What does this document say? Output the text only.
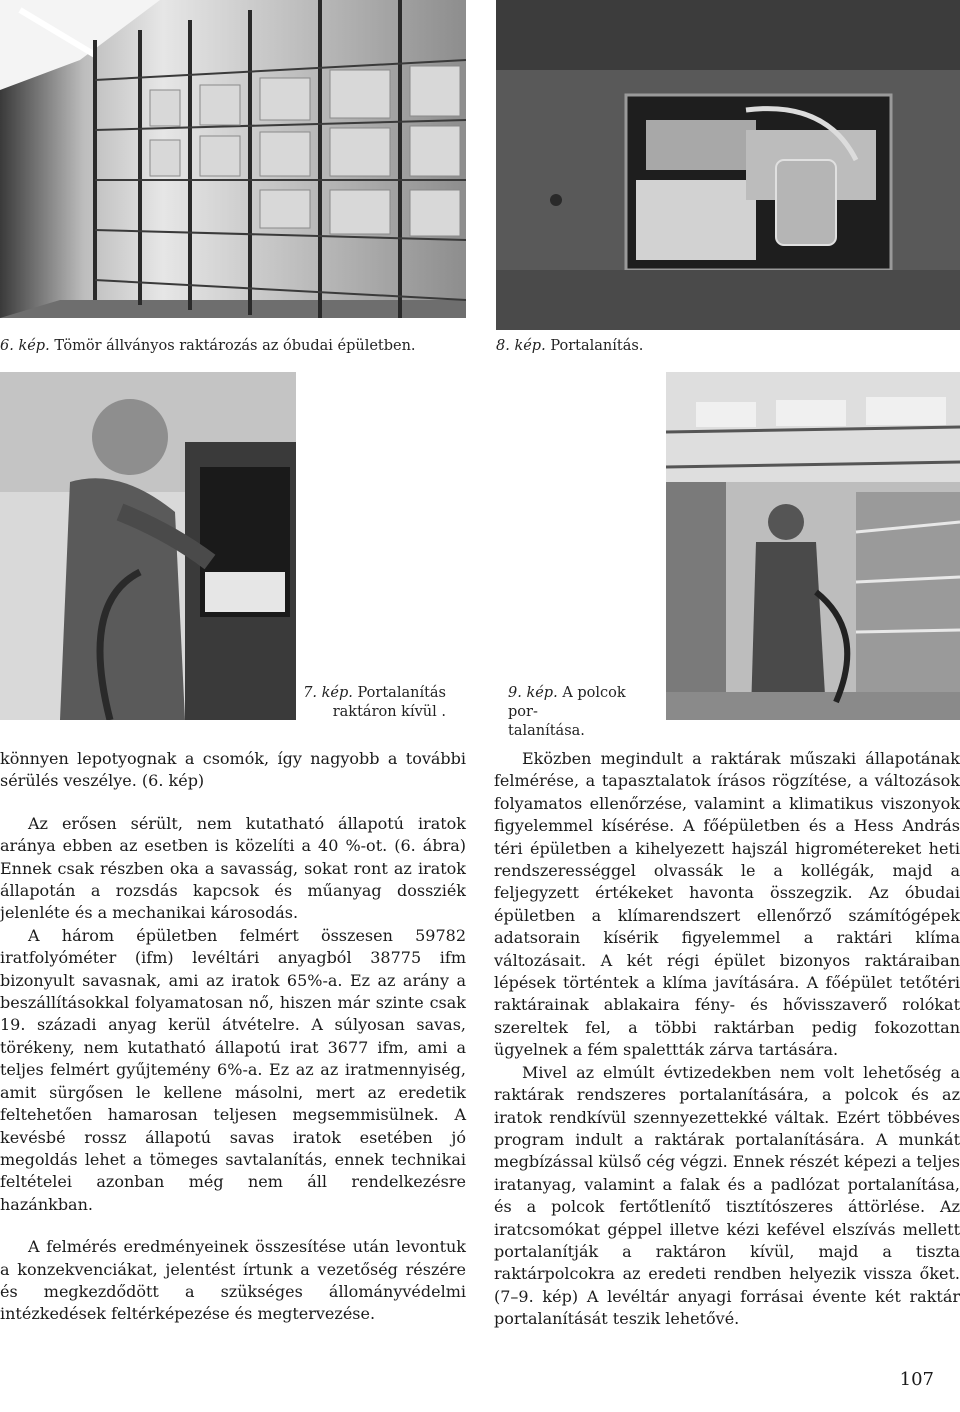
6. kép. Tömör állványos raktározás az óbudai épületben.	8. kép. Portalanítás.
7. kép. Portalanítás
raktáron kívül .
9. kép. A polcok por-
talanítása.

könnyen lepotyognak a csomók, így nagyobb a további sérülés veszélye. (6. kép)

Az erősen sérült, nem kutatható állapotú iratok aránya ebben az esetben is közelíti a 40 %-ot. (6. ábra) Ennek csak részben oka a savasság, sokat ront az iratok állapotán a rozsdás kapcsok és műanyag dossziék jelenléte és a mechanikai károsodás.

A három épületben felmért összesen 59782 iratfolyóméter (ifm) levéltári anyagból 38775 ifm bizonyult savasnak, ami az iratok 65%-a. Ez az arány a beszállításokkal folyamatosan nő, hiszen már szinte csak 19. századi anyag kerül átvételre. A súlyosan savas, törékeny, nem kutatható állapotú irat 3677 ifm, ami a teljes felmért gyűjtemény 6%-a. Ez az az iratmennyiség, amit sürgősen le kellene másolni, mert az eredetik feltehetően hamarosan teljesen megsemmisülnek. A kevésbé rossz állapotú savas iratok esetében jó megoldás lehet a tömeges savtalanítás, ennek technikai feltételei azonban még nem áll rendelkezésre hazánkban.

A felmérés eredményeinek összesítése után levontuk a konzekvenciákat, jelentést írtunk a vezetőség részére és megkezdődött a szükséges állományvédelmi intézkedések feltérképezése és megtervezése.

Eközben megindult a raktárak műszaki állapotának felmérése, a tapasztalatok írásos rögzítése, a változások folyamatos ellenőrzése, valamint a klimatikus viszonyok figyelemmel kísérése. A főépületben és a Hess András téri épületben a kihelyezett hajszál higrométereket heti rendszerességgel olvassák le a kollégák, majd a feljegyzett értékeket havonta összegzik. Az óbudai épületben a klímarendszert ellenőrző számítógépek adatsorain kísérik figyelemmel a raktári klíma változásait. A két régi épület bizonyos raktáraiban lépések történtek a klíma javítására. A főépület tetőtéri raktárainak ablakaira fény- és hővisszaverő rolókat szereltek fel, a többi raktárban pedig fokozottan ügyelnek a fém spalettták zárva tartására.

Mivel az elmúlt évtizedekben nem volt lehetőség a raktárak rendszeres portalanítására, a polcok és az iratok rendkívül szennyezettekké váltak. Ezért többéves program indult a raktárak portalanítására. A munkát megbízással külső cég végzi. Ennek részét képezi a teljes iratanyag, valamint a falak és a padlózat portalanítása, és a polcok fertőtlenítő tisztítószeres áttörlése. Az iratcsomókat géppel illetve kézi kefével elszívás mellett portalanítják a raktáron kívül, majd a tiszta raktárpolcokra az eredeti rendben helyezik vissza őket. (7–9. kép) A levéltár anyagi forrásai évente két raktár portalanítását teszik lehetővé.

107
